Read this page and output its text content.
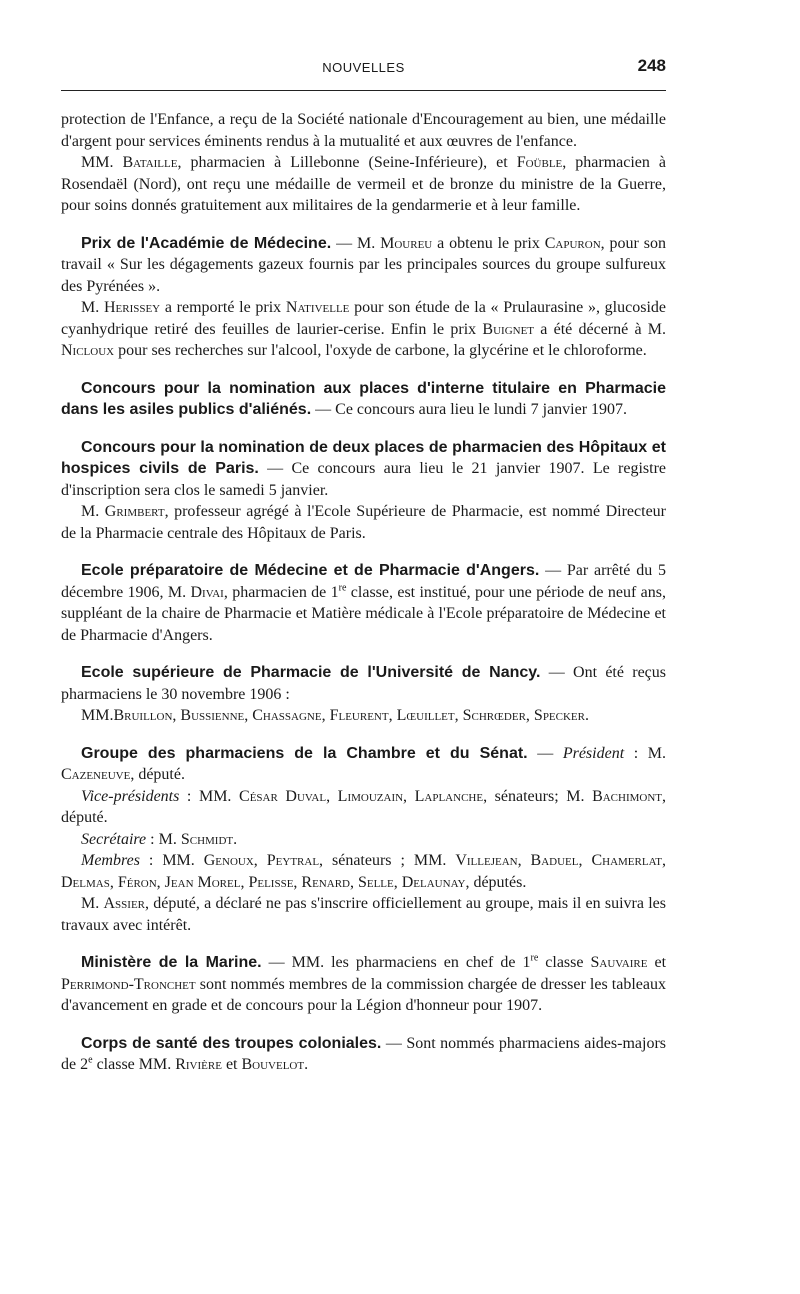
NOUVELLES	248

protection de l'Enfance, a reçu de la Société nationale d'Encouragement au bien, une médaille d'argent pour services éminents rendus à la mutualité et aux œuvres de l'enfance.

MM. Bataille, pharmacien à Lillebonne (Seine-Inférieure), et Foüble, pharmacien à Rosendaël (Nord), ont reçu une médaille de vermeil et de bronze du ministre de la Guerre, pour soins donnés gratuitement aux militaires de la gendarmerie et à leur famille.

Prix de l'Académie de Médecine. — M. Moureu a obtenu le prix Capuron, pour son travail « Sur les dégagements gazeux fournis par les principales sources du groupe sulfureux des Pyrénées ».

M. Herissey a remporté le prix Nativelle pour son étude de la « Prulaurasine », glucoside cyanhydrique retiré des feuilles de laurier-cerise. Enfin le prix Buignet a été décerné à M. Nicloux pour ses recherches sur l'alcool, l'oxyde de carbone, la glycérine et le chloroforme.

Concours pour la nomination aux places d'interne titulaire en Pharmacie dans les asiles publics d'aliénés. — Ce concours aura lieu le lundi 7 janvier 1907.

Concours pour la nomination de deux places de pharmacien des Hôpitaux et hospices civils de Paris. — Ce concours aura lieu le 21 janvier 1907. Le registre d'inscription sera clos le samedi 5 janvier.

M. Grimbert, professeur agrégé à l'Ecole Supérieure de Pharmacie, est nommé Directeur de la Pharmacie centrale des Hôpitaux de Paris.

Ecole préparatoire de Médecine et de Pharmacie d'Angers. — Par arrêté du 5 décembre 1906, M. Divai, pharmacien de 1re classe, est institué, pour une période de neuf ans, suppléant de la chaire de Pharmacie et Matière médicale à l'Ecole préparatoire de Médecine et de Pharmacie d'Angers.

Ecole supérieure de Pharmacie de l'Université de Nancy. — Ont été reçus pharmaciens le 30 novembre 1906 :

MM.Bruillon, Bussienne, Chassagne, Fleurent, Lœuillet, Schrœder, Specker.

Groupe des pharmaciens de la Chambre et du Sénat. — Président : M. Cazeneuve, député.

Vice-présidents : MM. César Duval, Limouzain, Laplanche, sénateurs; M. Bachimont, député.

Secrétaire : M. Schmidt.

Membres : MM. Genoux, Peytral, sénateurs ; MM. Villejean, Baduel, Chamerlat, Delmas, Féron, Jean Morel, Pelisse, Renard, Selle, Delaunay, députés.

M. Assier, député, a déclaré ne pas s'inscrire officiellement au groupe, mais il en suivra les travaux avec intérêt.

Ministère de la Marine. — MM. les pharmaciens en chef de 1re classe Sauvaire et Perrimond-Tronchet sont nommés membres de la commission chargée de dresser les tableaux d'avancement en grade et de concours pour la Légion d'honneur pour 1907.

Corps de santé des troupes coloniales. — Sont nommés pharmaciens aides-majors de 2e classe MM. Rivière et Bouvelot.
